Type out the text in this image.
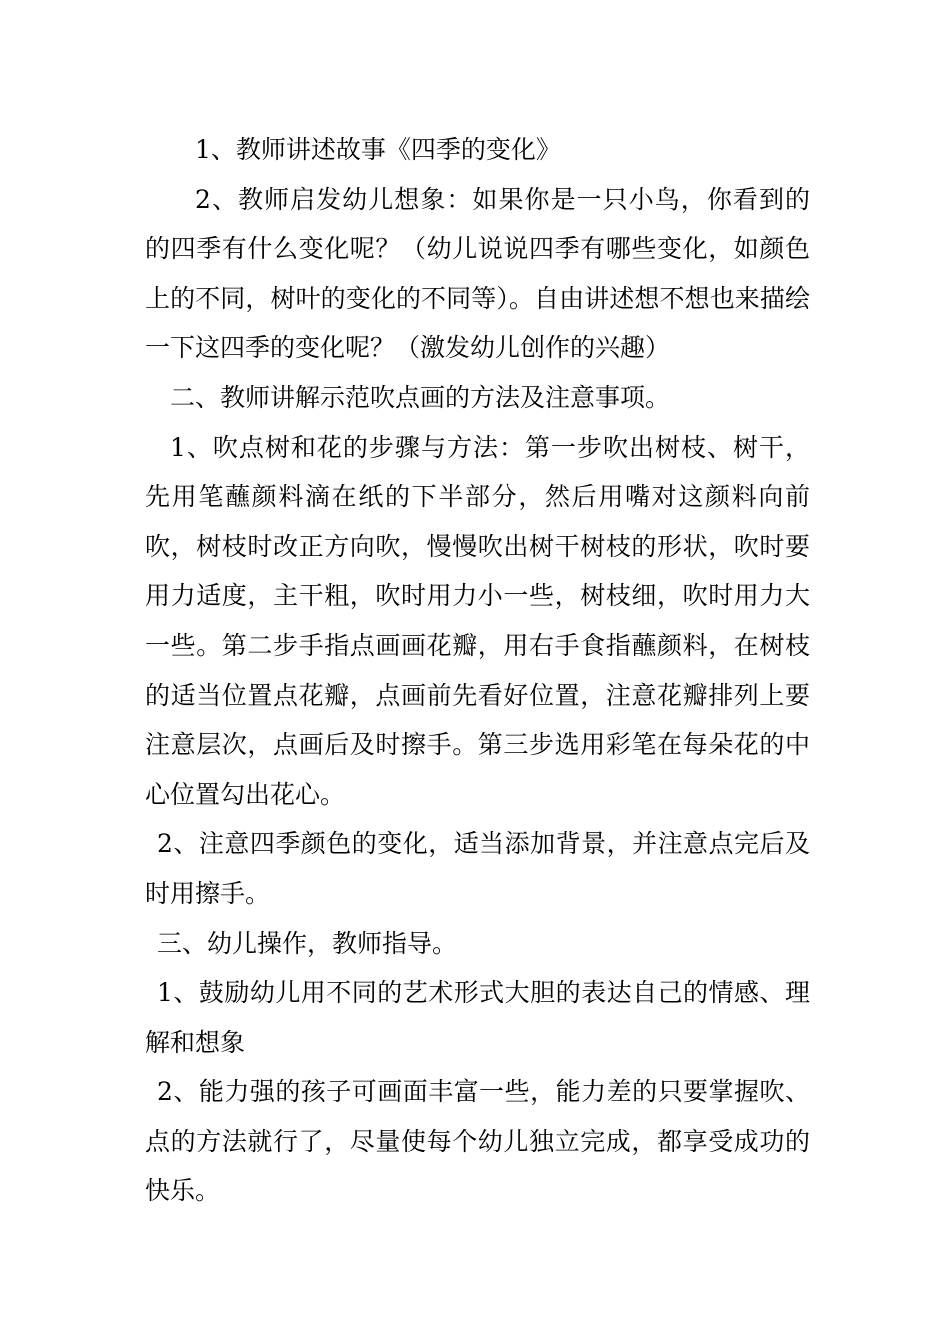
1、教师讲述故事《四季的变化》

2、教师启发幼儿想象：如果你是一只小鸟，你看到的的四季有什么变化呢？（幼儿说说四季有哪些变化，如颜色上的不同，树叶的变化的不同等）。自由讲述想不想也来描绘一下这四季的变化呢？（激发幼儿创作的兴趣）

二、教师讲解示范吹点画的方法及注意事项。

1、吹点树和花的步骤与方法：第一步吹出树枝、树干，先用笔蘸颜料滴在纸的下半部分，然后用嘴对这颜料向前吹，树枝时改正方向吹，慢慢吹出树干树枝的形状，吹时要用力适度，主干粗，吹时用力小一些，树枝细，吹时用力大一些。第二步手指点画画花瓣，用右手食指蘸颜料，在树枝的适当位置点花瓣，点画前先看好位置，注意花瓣排列上要注意层次，点画后及时擦手。第三步选用彩笔在每朵花的中心位置勾出花心。

2、注意四季颜色的变化，适当添加背景，并注意点完后及时用擦手。

三、幼儿操作，教师指导。

1、鼓励幼儿用不同的艺术形式大胆的表达自己的情感、理解和想象

2、能力强的孩子可画面丰富一些，能力差的只要掌握吹、点的方法就行了，尽量使每个幼儿独立完成，都享受成功的快乐。
